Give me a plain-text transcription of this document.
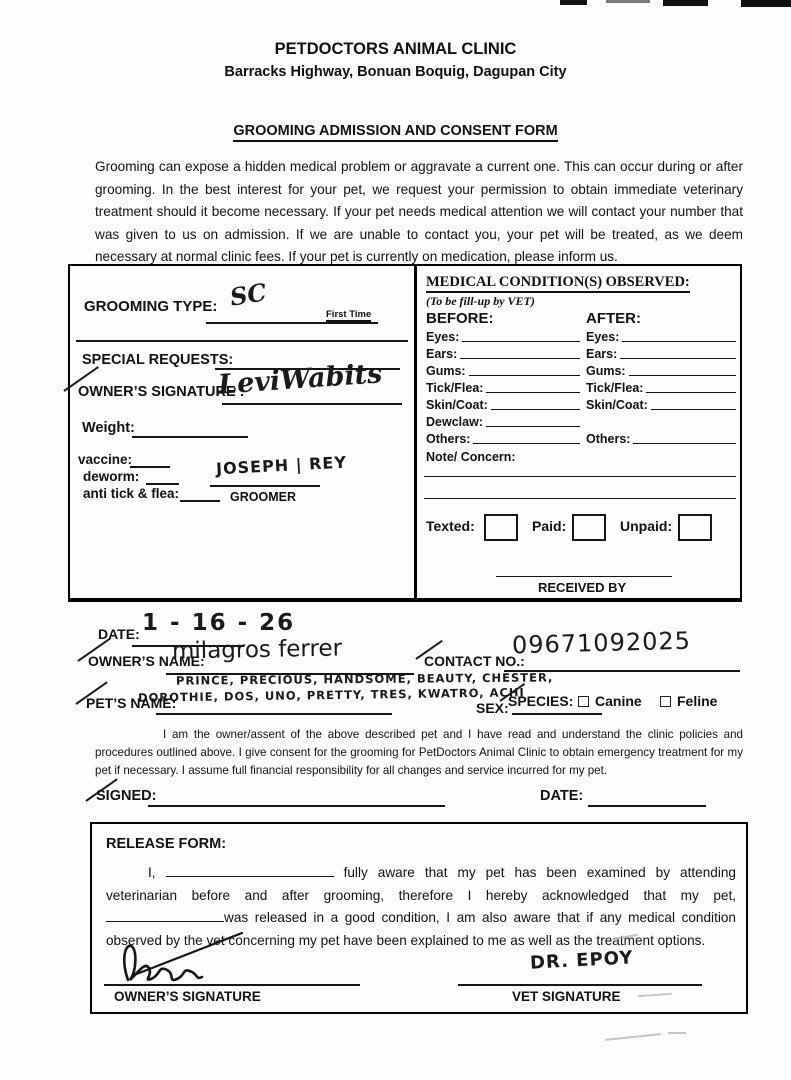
PETDOCTORS ANIMAL CLINIC
Barracks Highway, Bonuan Boquig, Dagupan City
GROOMING ADMISSION AND CONSENT FORM
Grooming can expose a hidden medical problem or aggravate a current one. This can occur during or after grooming. In the best interest for your pet, we request your permission to obtain immediate veterinary treatment should it become necessary. If your pet needs medical attention we will contact your number that was given to us on admission. If we are unable to contact you, your pet will be treated, as we deem necessary at normal clinic fees. If your pet is currently on medication, please inform us.
GROOMING TYPE: SC
First Time
SPECIAL REQUESTS:
OWNER’S SIGNATURE :
LeviWabits
Weight:
vaccine:
deworm:
anti tick & flea:
JOSEPH | REY
GROOMER
MEDICAL CONDITION(S) OBSERVED:
(To be fill-up by VET)
BEFORE:	AFTER:
Eyes:	Eyes:
Ears:	Ears:
Gums:	Gums:
Tick/Flea:	Tick/Flea:
Skin/Coat:	Skin/Coat:
Dewclaw:
Others:	Others:
Note/ Concern:
Texted:	Paid:	Unpaid:
RECEIVED BY
DATE: 1 - 16 - 26
OWNER’S NAME:
milagros ferrer	CONTACT NO.:
09671092025
PRINCE, PRECIOUS, HANDSOME, BEAUTY, CHESTER,
DOROTHIE, DOS, UNO, PRETTY, TRES, KWATRO, ACHI
PET’S NAME:	SEX: SPECIES:	Canine	Feline
I am the owner/assent of the above described pet and I have read and understand the clinic policies and procedures outlined above. I give consent for the grooming for PetDoctors Animal Clinic to obtain emergency treatment for my pet if necessary. I assume full financial responsibility for all changes and service incurred for my pet.
SIGNED:	DATE:
RELEASE FORM:
I,	fully aware that my pet has been examined by attending veterinarian before and after grooming, therefore I hereby acknowledged that my pet, was released in a good condition, I am also aware that if any medical condition observed by the vet concerning my pet have been explained to me as well as the treatment options.
OWNER’S SIGNATURE
DR. EPOY
VET SIGNATURE
